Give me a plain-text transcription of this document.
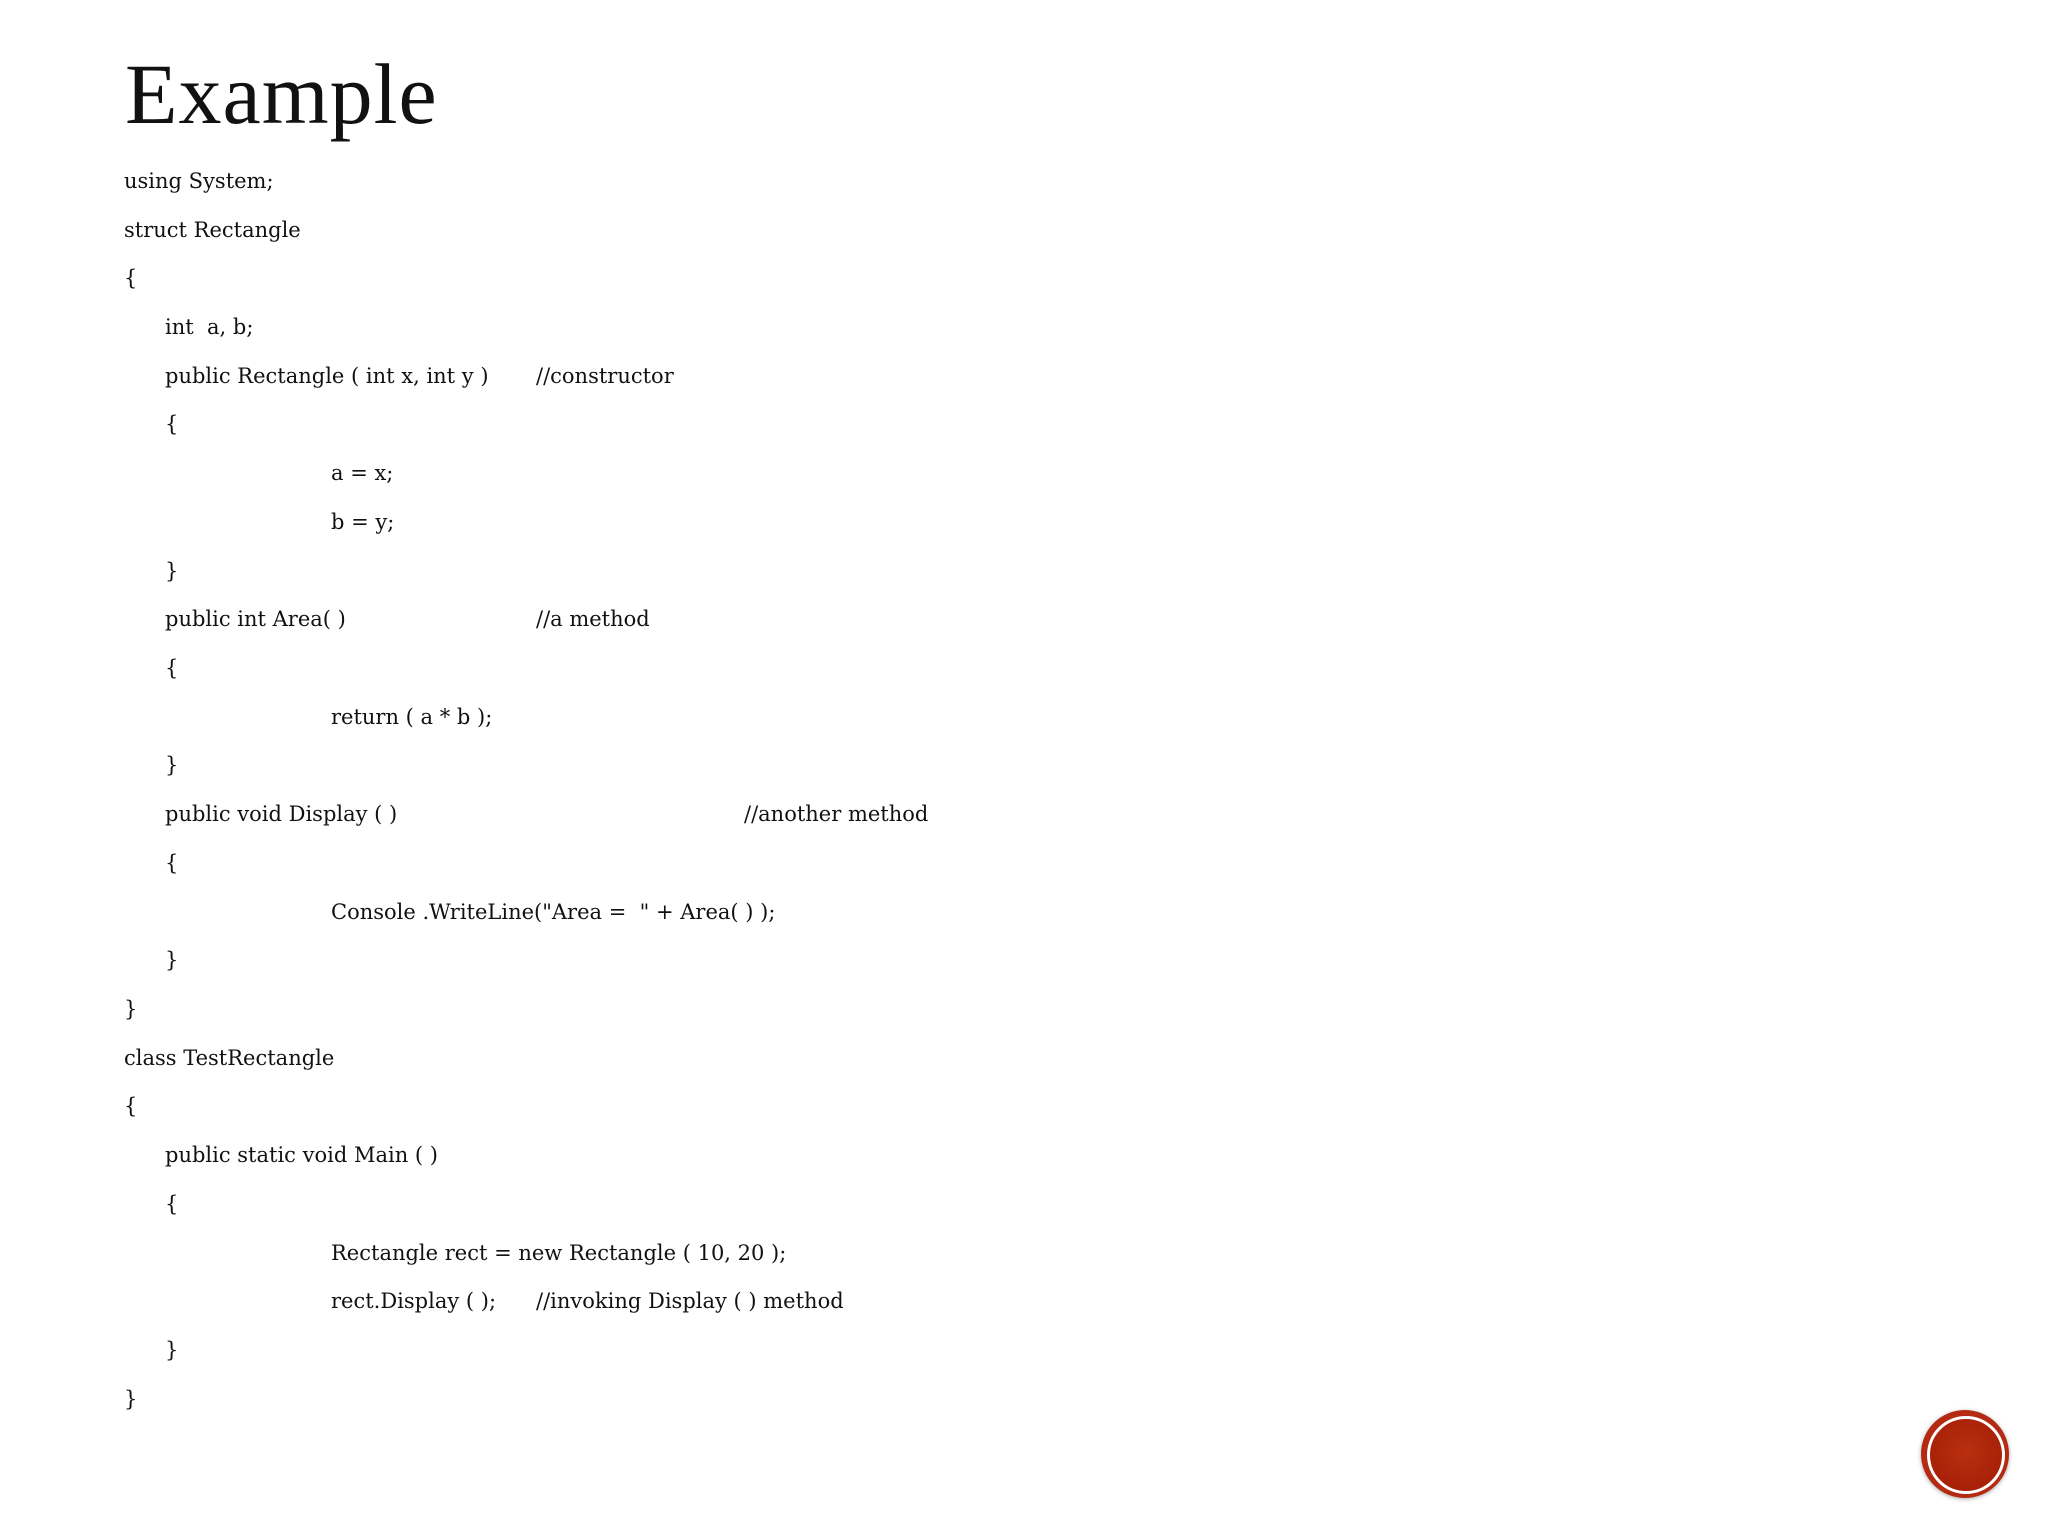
Example
using System;
struct Rectangle
{
int  a, b;

public Rectangle ( int x, int y )

//constructor

{
a = x;
b = y;
}

public int Area( )

	//a method

{
return ( a * b );
}

public void Display ( )

	//another method

{
Console .WriteLine("Area =  " + Area( ) );
}
}
class TestRectangle
{
public static void Main ( )
{
Rectangle rect = new Rectangle ( 10, 20 );

rect.Display ( );

//invoking Display ( ) method

}
}
